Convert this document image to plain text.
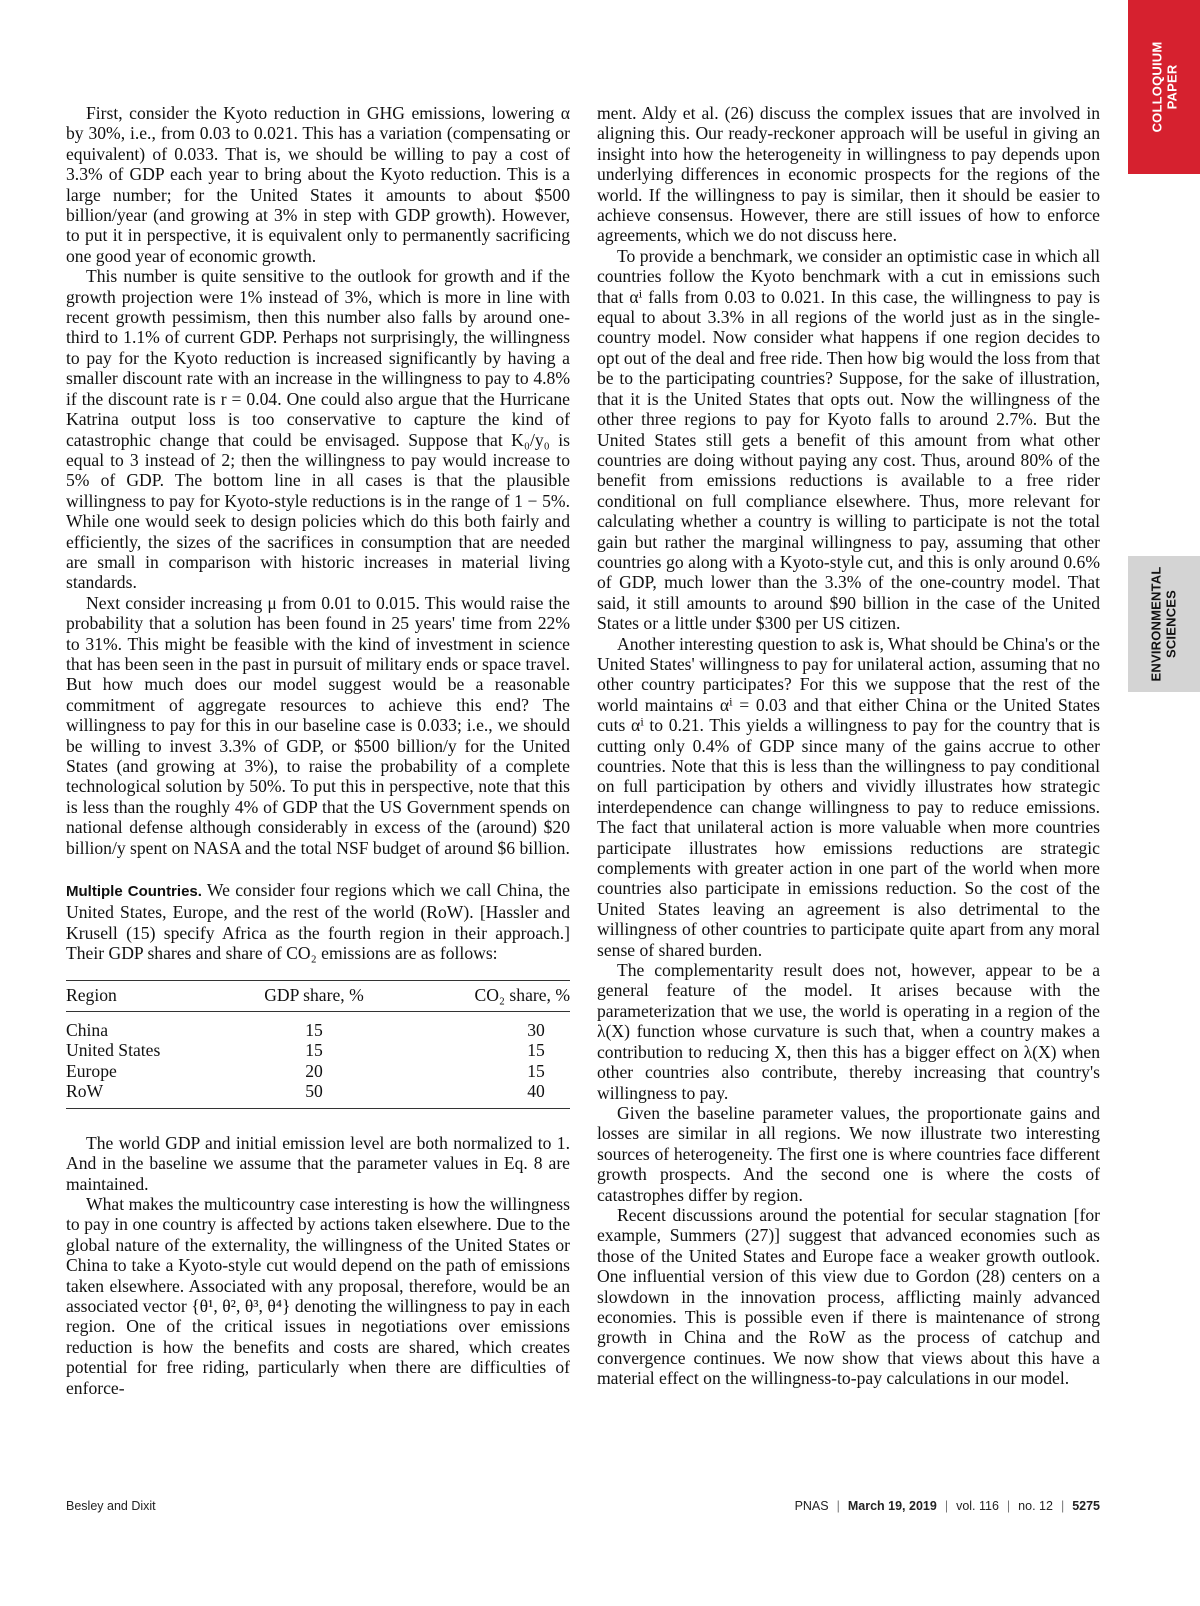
COLLOQUIUM PAPER
ENVIRONMENTAL SCIENCES

First, consider the Kyoto reduction in GHG emissions, lowering α by 30%, i.e., from 0.03 to 0.021. This has a variation (compensating or equivalent) of 0.033. That is, we should be willing to pay a cost of 3.3% of GDP each year to bring about the Kyoto reduction. This is a large number; for the United States it amounts to about $500 billion/year (and growing at 3% in step with GDP growth). However, to put it in perspective, it is equivalent only to permanently sacrificing one good year of economic growth.

This number is quite sensitive to the outlook for growth and if the growth projection were 1% instead of 3%, which is more in line with recent growth pessimism, then this number also falls by around one-third to 1.1% of current GDP. Perhaps not surprisingly, the willingness to pay for the Kyoto reduction is increased significantly by having a smaller discount rate with an increase in the willingness to pay to 4.8% if the discount rate is r = 0.04. One could also argue that the Hurricane Katrina output loss is too conservative to capture the kind of catastrophic change that could be envisaged. Suppose that K₀/y₀ is equal to 3 instead of 2; then the willingness to pay would increase to 5% of GDP. The bottom line in all cases is that the plausible willingness to pay for Kyoto-style reductions is in the range of 1 − 5%. While one would seek to design policies which do this both fairly and efficiently, the sizes of the sacrifices in consumption that are needed are small in comparison with historic increases in material living standards.

Next consider increasing μ from 0.01 to 0.015. This would raise the probability that a solution has been found in 25 years' time from 22% to 31%. This might be feasible with the kind of investment in science that has been seen in the past in pursuit of military ends or space travel. But how much does our model suggest would be a reasonable commitment of aggregate resources to achieve this end? The willingness to pay for this in our baseline case is 0.033; i.e., we should be willing to invest 3.3% of GDP, or $500 billion/y for the United States (and growing at 3%), to raise the probability of a complete technological solution by 50%. To put this in perspective, note that this is less than the roughly 4% of GDP that the US Government spends on national defense although considerably in excess of the (around) $20 billion/y spent on NASA and the total NSF budget of around $6 billion.

Multiple Countries. We consider four regions which we call China, the United States, Europe, and the rest of the world (RoW). [Hassler and Krusell (15) specify Africa as the fourth region in their approach.] Their GDP shares and share of CO₂ emissions are as follows:

Region	GDP share, %	CO₂ share, %
China	15	30
United States	15	15
Europe	20	15
RoW	50	40

The world GDP and initial emission level are both normalized to 1. And in the baseline we assume that the parameter values in Eq. 8 are maintained.

What makes the multicountry case interesting is how the willingness to pay in one country is affected by actions taken elsewhere. Due to the global nature of the externality, the willingness of the United States or China to take a Kyoto-style cut would depend on the path of emissions taken elsewhere. Associated with any proposal, therefore, would be an associated vector {θ¹, θ², θ³, θ⁴} denoting the willingness to pay in each region. One of the critical issues in negotiations over emissions reduction is how the benefits and costs are shared, which creates potential for free riding, particularly when there are difficulties of enforce-

ment. Aldy et al. (26) discuss the complex issues that are involved in aligning this. Our ready-reckoner approach will be useful in giving an insight into how the heterogeneity in willingness to pay depends upon underlying differences in economic prospects for the regions of the world. If the willingness to pay is similar, then it should be easier to achieve consensus. However, there are still issues of how to enforce agreements, which we do not discuss here.

To provide a benchmark, we consider an optimistic case in which all countries follow the Kyoto benchmark with a cut in emissions such that αⁱ falls from 0.03 to 0.021. In this case, the willingness to pay is equal to about 3.3% in all regions of the world just as in the single-country model. Now consider what happens if one region decides to opt out of the deal and free ride. Then how big would the loss from that be to the participating countries? Suppose, for the sake of illustration, that it is the United States that opts out. Now the willingness of the other three regions to pay for Kyoto falls to around 2.7%. But the United States still gets a benefit of this amount from what other countries are doing without paying any cost. Thus, around 80% of the benefit from emissions reductions is available to a free rider conditional on full compliance elsewhere. Thus, more relevant for calculating whether a country is willing to participate is not the total gain but rather the marginal willingness to pay, assuming that other countries go along with a Kyoto-style cut, and this is only around 0.6% of GDP, much lower than the 3.3% of the one-country model. That said, it still amounts to around $90 billion in the case of the United States or a little under $300 per US citizen.

Another interesting question to ask is, What should be China's or the United States' willingness to pay for unilateral action, assuming that no other country participates? For this we suppose that the rest of the world maintains αⁱ = 0.03 and that either China or the United States cuts αⁱ to 0.21. This yields a willingness to pay for the country that is cutting only 0.4% of GDP since many of the gains accrue to other countries. Note that this is less than the willingness to pay conditional on full participation by others and vividly illustrates how strategic interdependence can change willingness to pay to reduce emissions. The fact that unilateral action is more valuable when more countries participate illustrates how emissions reductions are strategic complements with greater action in one part of the world when more countries also participate in emissions reduction. So the cost of the United States leaving an agreement is also detrimental to the willingness of other countries to participate quite apart from any moral sense of shared burden.

The complementarity result does not, however, appear to be a general feature of the model. It arises because with the parameterization that we use, the world is operating in a region of the λ(X) function whose curvature is such that, when a country makes a contribution to reducing X, then this has a bigger effect on λ(X) when other countries also contribute, thereby increasing that country's willingness to pay.

Given the baseline parameter values, the proportionate gains and losses are similar in all regions. We now illustrate two interesting sources of heterogeneity. The first one is where countries face different growth prospects. And the second one is where the costs of catastrophes differ by region.

Recent discussions around the potential for secular stagnation [for example, Summers (27)] suggest that advanced economies such as those of the United States and Europe face a weaker growth outlook. One influential version of this view due to Gordon (28) centers on a slowdown in the innovation process, afflicting mainly advanced economies. This is possible even if there is maintenance of strong growth in China and the RoW as the process of catchup and convergence continues. We now show that views about this have a material effect on the willingness-to-pay calculations in our model.

Besley and Dixit	PNAS | March 19, 2019 | vol. 116 | no. 12 | 5275
